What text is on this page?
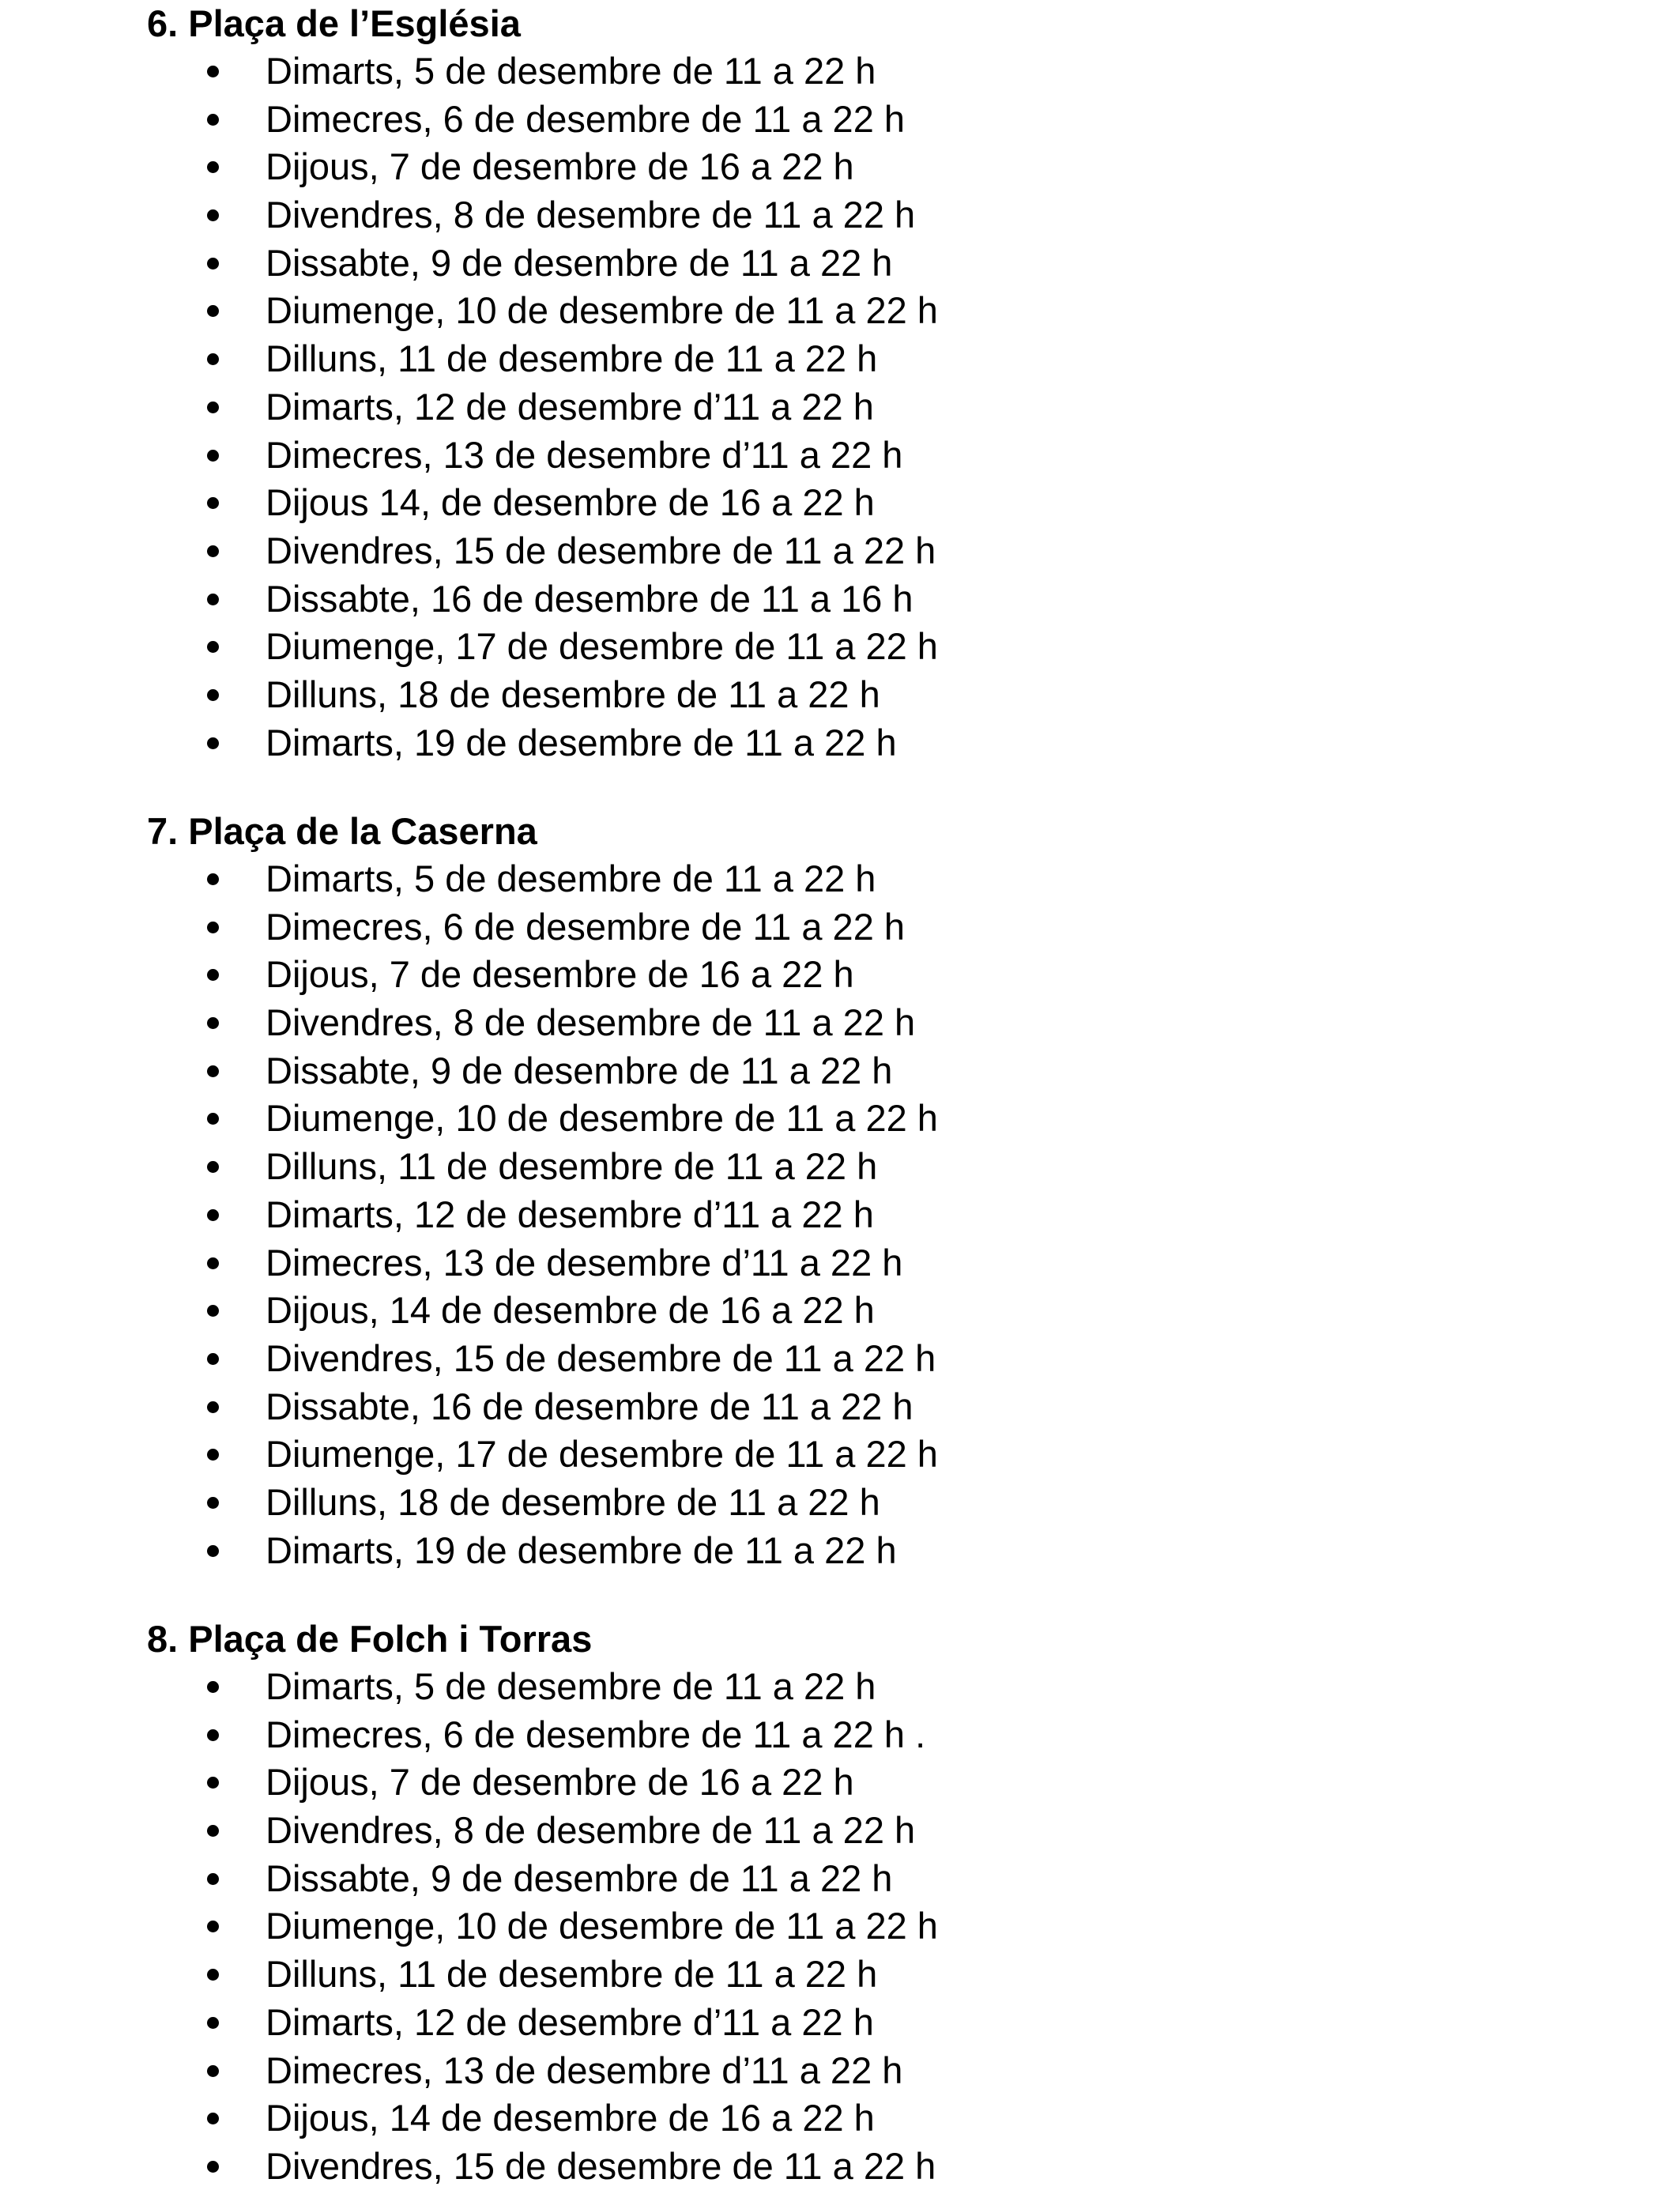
6. Plaça de l’Església
Dimarts, 5 de desembre de 11 a 22 h
Dimecres, 6 de desembre de 11 a 22 h
Dijous, 7 de desembre de 16 a 22 h
Divendres, 8 de desembre de 11 a 22 h
Dissabte, 9 de desembre de 11 a 22 h
Diumenge, 10 de desembre de 11 a 22 h
Dilluns, 11 de desembre de 11 a 22 h
Dimarts, 12 de desembre d’11 a 22 h
Dimecres, 13 de desembre d’11 a 22 h
Dijous 14, de desembre de 16 a 22 h
Divendres, 15 de desembre de 11 a 22 h
Dissabte, 16 de desembre de 11 a 16 h
Diumenge, 17 de desembre de 11 a 22 h
Dilluns, 18 de desembre de 11 a 22 h
Dimarts, 19 de desembre de 11 a 22 h
7. Plaça de la Caserna
Dimarts, 5 de desembre de 11 a 22 h
Dimecres, 6 de desembre de 11 a 22 h
Dijous, 7 de desembre de 16 a 22 h
Divendres, 8 de desembre de 11 a 22 h
Dissabte, 9 de desembre de 11 a 22 h
Diumenge, 10 de desembre de 11 a 22 h
Dilluns, 11 de desembre de 11 a 22 h
Dimarts, 12 de desembre d’11 a 22 h
Dimecres, 13 de desembre d’11 a 22 h
Dijous, 14 de desembre de 16 a 22 h
Divendres, 15 de desembre de 11 a 22 h
Dissabte, 16 de desembre de 11 a 22 h
Diumenge, 17 de desembre de 11 a 22 h
Dilluns, 18 de desembre de 11 a 22 h
Dimarts, 19 de desembre de 11 a 22 h
8. Plaça de Folch i Torras
Dimarts, 5 de desembre de 11 a 22 h
Dimecres, 6 de desembre de 11 a 22 h .
Dijous, 7 de desembre de 16 a 22 h
Divendres, 8 de desembre de 11 a 22 h
Dissabte, 9 de desembre de 11 a 22 h
Diumenge, 10 de desembre de 11 a 22 h
Dilluns, 11 de desembre de 11 a 22 h
Dimarts, 12 de desembre d’11 a 22 h
Dimecres, 13 de desembre d’11 a 22 h
Dijous, 14 de desembre de 16 a 22 h
Divendres, 15 de desembre de 11 a 22 h
